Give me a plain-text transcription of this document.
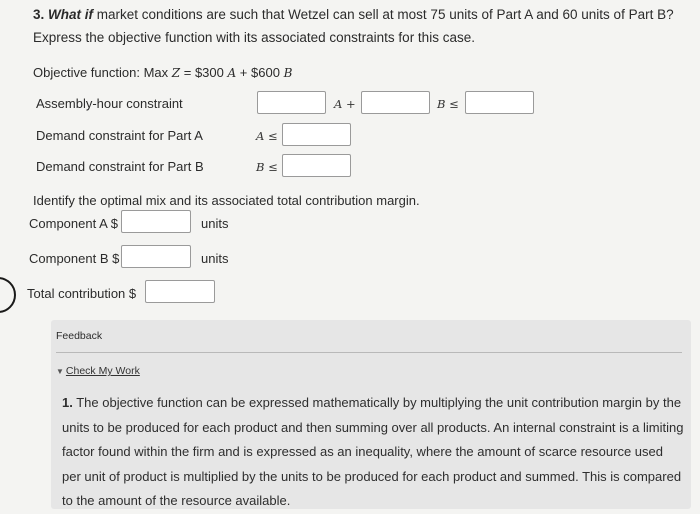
3. What if market conditions are such that Wetzel can sell at most 75 units of Part A and 60 units of Part B?
Express the objective function with its associated constraints for this case.
Objective function: Max Z = $300 A + $600 B
Assembly-hour constraint	A +	B ≤
Demand constraint for Part A	A ≤
Demand constraint for Part B	B ≤
Identify the optimal mix and its associated total contribution margin.
Component A $	units
Component B $	units
Total contribution $
Feedback
▼ Check My Work
1. The objective function can be expressed mathematically by multiplying the unit contribution margin by the units to be produced for each product and then summing over all products. An internal constraint is a limiting factor found within the firm and is expressed as an inequality, where the amount of scarce resource used per unit of product is multiplied by the units to be produced for each product and summed. This is compared to the amount of the resource available.
